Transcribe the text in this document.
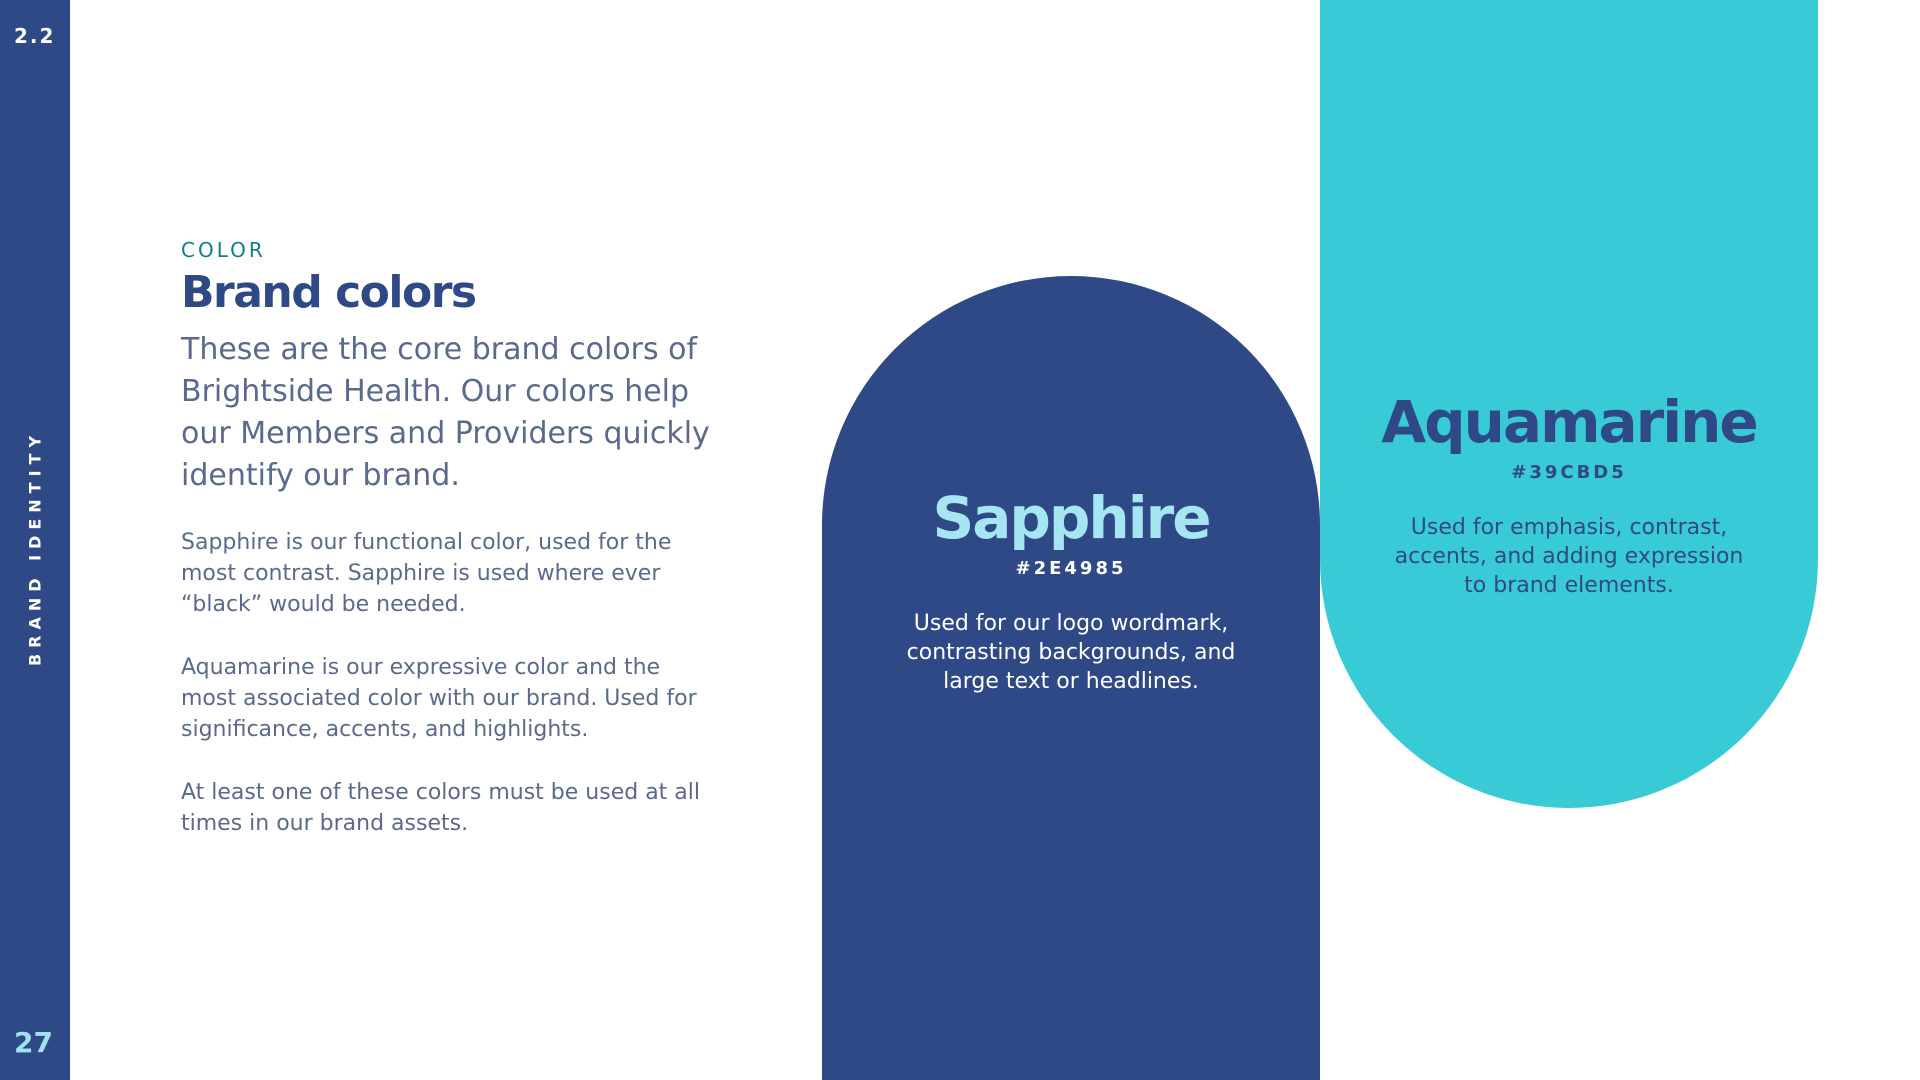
2.2
BRAND IDENTITY
27

COLOR

Brand colors

These are the core brand colors of Brightside Health. Our colors help our Members and Providers quickly identify our brand.

Sapphire is our functional color, used for the most contrast. Sapphire is used where ever “black” would be needed.

Aquamarine is our expressive color and the most associated color with our brand. Used for significance, accents, and highlights.

At least one of these colors must be used at all times in our brand assets.

Sapphire

#2E4985

Used for our logo wordmark, contrasting backgrounds, and large text or headlines.

Aquamarine

#39CBD5

Used for emphasis, contrast, accents, and adding expression to brand elements.
